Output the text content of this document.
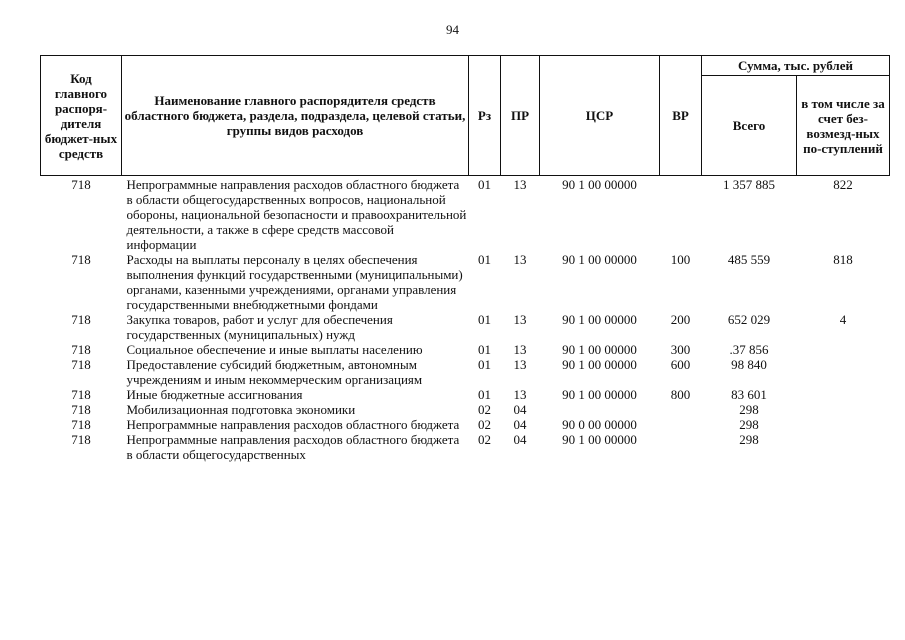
94
Код главного распоря-дителя бюджет-ных средств	Наименование главного распорядителя средств областного бюджета, раздела, подраздела, целевой статьи, группы видов расходов	Рз	ПР	ЦСР	ВР	Сумма, тыс. рублей	
						Всего	в том числе за счет без-возмезд-ных по-ступлений
718	Непрограммные направления расходов областного бюджета в области общегосударственных вопросов, национальной обороны, национальной безопасности и правоохранительной деятельности, а также в сфере средств массовой информации	01	13	90 1 00 00000		1 357 885	822
718	Расходы на выплаты персоналу в целях обеспечения выполнения функций государственными (муниципальными) органами, казенными учреждениями, органами управления государственными внебюджетными фондами	01	13	90 1 00 00000	100	485 559	818
718	Закупка товаров, работ и услуг для обеспечения государственных (муниципальных) нужд	01	13	90 1 00 00000	200	652 029	4
718	Социальное обеспечение и иные выплаты населению	01	13	90 1 00 00000	300	.37 856	
718	Предоставление субсидий бюджетным, автономным учреждениям и иным некоммерческим организациям	01	13	90 1 00 00000	600	98 840	
718	Иные бюджетные ассигнования	01	13	90 1 00 00000	800	83 601	
718	Мобилизационная подготовка экономики	02	04			298	
718	Непрограммные направления расходов областного бюджета	02	04	90 0 00 00000		298	
718	Непрограммные направления расходов областного бюджета в области общегосударственных	02	04	90 1 00 00000		298	
